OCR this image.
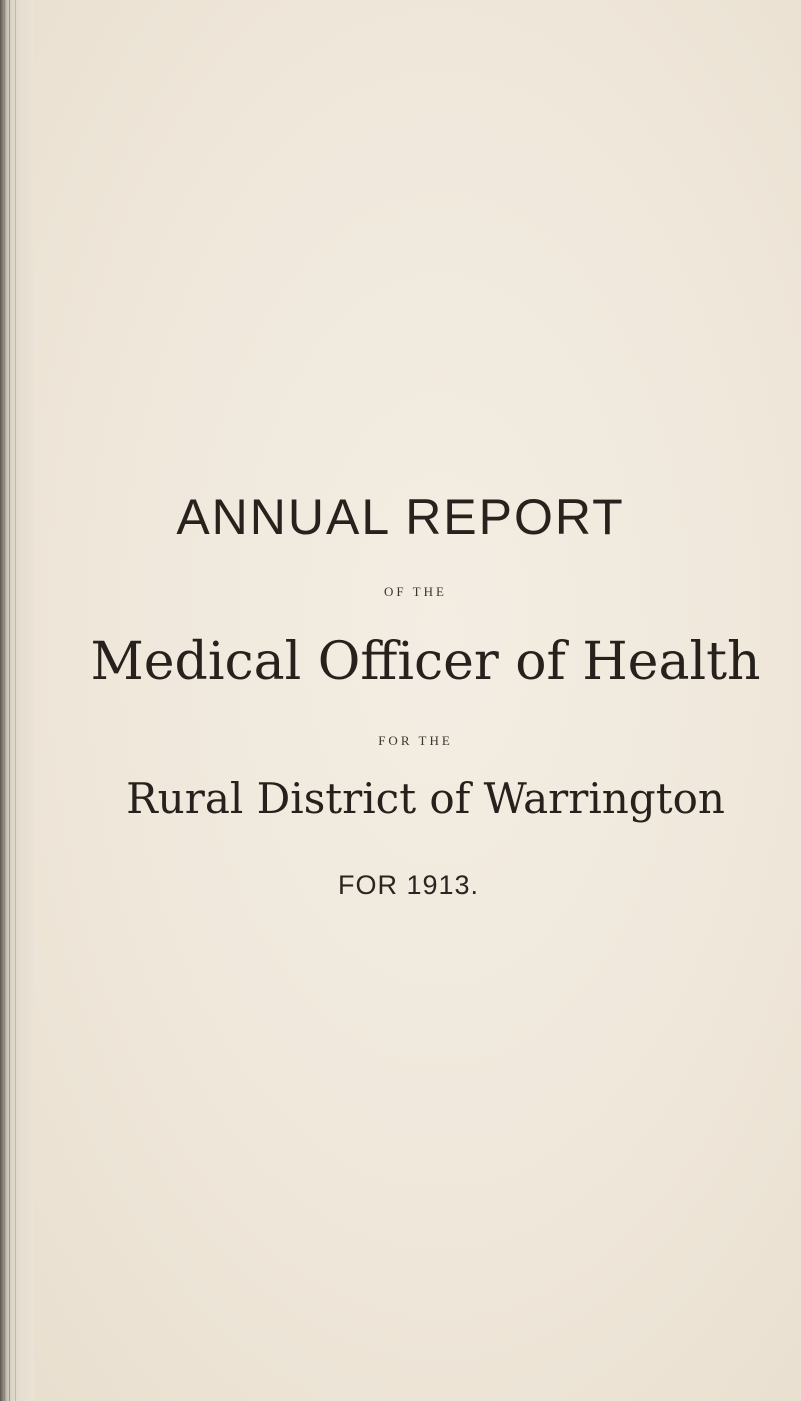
ANNUAL REPORT
OF THE
Medical Officer of Health
FOR THE
Rural District of Warrington
FOR 1913.
